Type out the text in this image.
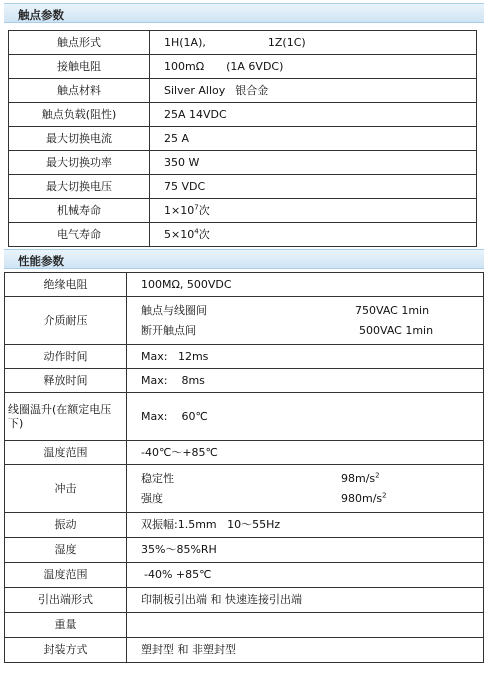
触点参数
触点形式	1H(1A), 1Z(1C)
接触电阻	100mΩ (1A 6VDC)
触点材料	Silver Alloy 银合金
触点负载(阻性)	25A 14VDC
最大切换电流	25 A
最大切换功率	350 W
最大切换电压	75 VDC
机械寿命	$1\times 10^7$次
电气寿命	$5\times 10^4$次
性能参数
绝缘电阻	100MΩ, 500VDC
介质耐压	触点与线圈间 750VAC 1min
断开触点间 500VAC 1min

动作时间	Max: 12ms
释放时间	Max: 8ms
线圈温升(在额定电压下)	Max: 60℃
温度范围	-40℃～+85℃
冲击	稳定性 $98m/s^2$
强度 $980m/s^2$

振动	双振幅:1.5mm   10～55Hz
湿度	35%～85%RH
温度范围	-40% +85℃
引出端形式	印制板引出端 和 快速连接引出端
重量	
封装方式	塑封型 和 非塑封型
